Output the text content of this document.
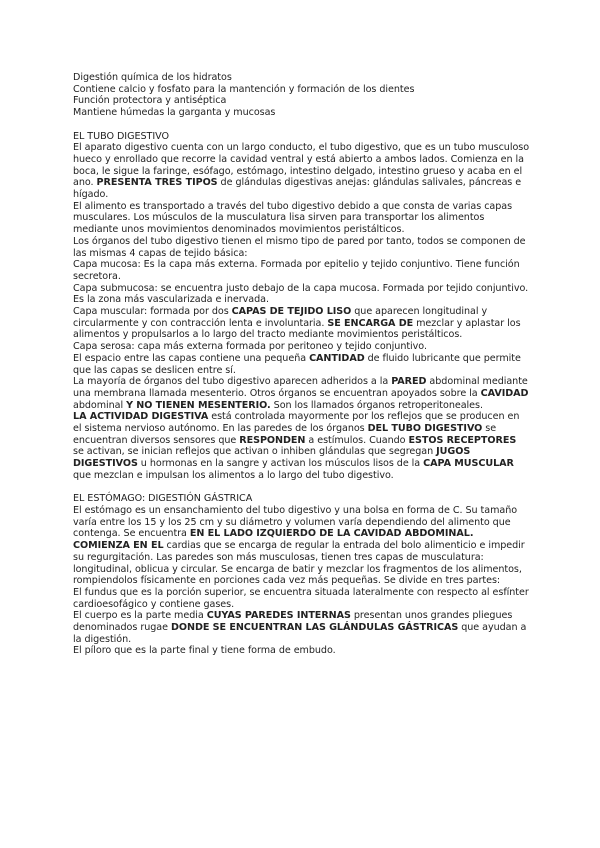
Digestión química de los hidratos

Contiene calcio y fosfato para la mantención y formación de los dientes

Función protectora y antiséptica

Mantiene húmedas la garganta y mucosas

EL TUBO DIGESTIVO

El aparato digestivo cuenta con un largo conducto, el tubo digestivo, que es un tubo musculoso hueco y enrollado que recorre la cavidad ventral y está abierto a ambos lados. Comienza en la boca, le sigue la faringe, esófago, estómago, intestino delgado, intestino grueso y acaba en el ano. PRESENTA TRES TIPOS de glándulas digestivas anejas: glándulas salivales, páncreas e hígado.

El alimento es transportado a través del tubo digestivo debido a que consta de varias capas musculares. Los músculos de la musculatura lisa sirven para transportar los alimentos mediante unos movimientos denominados movimientos peristálticos.

Los órganos del tubo digestivo tienen el mismo tipo de pared por tanto, todos se componen de las mismas 4 capas de tejido básica:

Capa mucosa: Es la capa más externa. Formada por epitelio y tejido conjuntivo. Tiene función secretora.

Capa submucosa: se encuentra justo debajo de la capa mucosa. Formada por tejido conjuntivo. Es la zona más vascularizada e inervada.

Capa muscular: formada por dos CAPAS DE TEJIDO LISO que aparecen longitudinal y circularmente y con contracción lenta e involuntaria. SE ENCARGA DE mezclar y aplastar los alimentos y propulsarlos a lo largo del tracto mediante movimientos peristálticos.

Capa serosa: capa más externa formada por peritoneo y tejido conjuntivo.

El espacio entre las capas contiene una pequeña CANTIDAD de fluido lubricante que permite que las capas se deslicen entre sí.

La mayoría de órganos del tubo digestivo aparecen adheridos a la PARED abdominal mediante una membrana llamada mesenterio. Otros órganos se encuentran apoyados sobre la CAVIDAD abdominal Y NO TIENEN MESENTERIO. Son los llamados órganos retroperitoneales.

LA ACTIVIDAD DIGESTIVA está controlada mayormente por los reflejos que se producen en el sistema nervioso autónomo. En las paredes de los órganos DEL TUBO DIGESTIVO se encuentran diversos sensores que RESPONDEN a estímulos. Cuando ESTOS RECEPTORES se activan, se inician reflejos que activan o inhiben glándulas que segregan JUGOS DIGESTIVOS u hormonas en la sangre y activan los músculos lisos de la CAPA MUSCULAR que mezclan e impulsan los alimentos a lo largo del tubo digestivo.

EL ESTÓMAGO: DIGESTIÓN GÁSTRICA

El estómago es un ensanchamiento del tubo digestivo y una bolsa en forma de C. Su tamaño varía entre los 15 y los 25 cm y su diámetro y volumen varía dependiendo del alimento que contenga. Se encuentra EN EL LADO IZQUIERDO DE LA CAVIDAD ABDOMINAL. COMIENZA EN EL cardias que se encarga de regular la entrada del bolo alimenticio e impedir su regurgitación. Las paredes son más musculosas, tienen tres capas de musculatura: longitudinal, oblicua y circular. Se encarga de batir y mezclar los fragmentos de los alimentos, rompiendolos físicamente en porciones cada vez más pequeñas. Se divide en tres partes:

El fundus que es la porción superior, se encuentra situada lateralmente con respecto al esfínter cardioesofágico y contiene gases.

El cuerpo es la parte media CUYAS PAREDES INTERNAS presentan unos grandes pliegues denominados rugae DONDE SE ENCUENTRAN LAS GLÁNDULAS GÁSTRICAS que ayudan a la digestión.

El píloro que es la parte final y tiene forma de embudo.
